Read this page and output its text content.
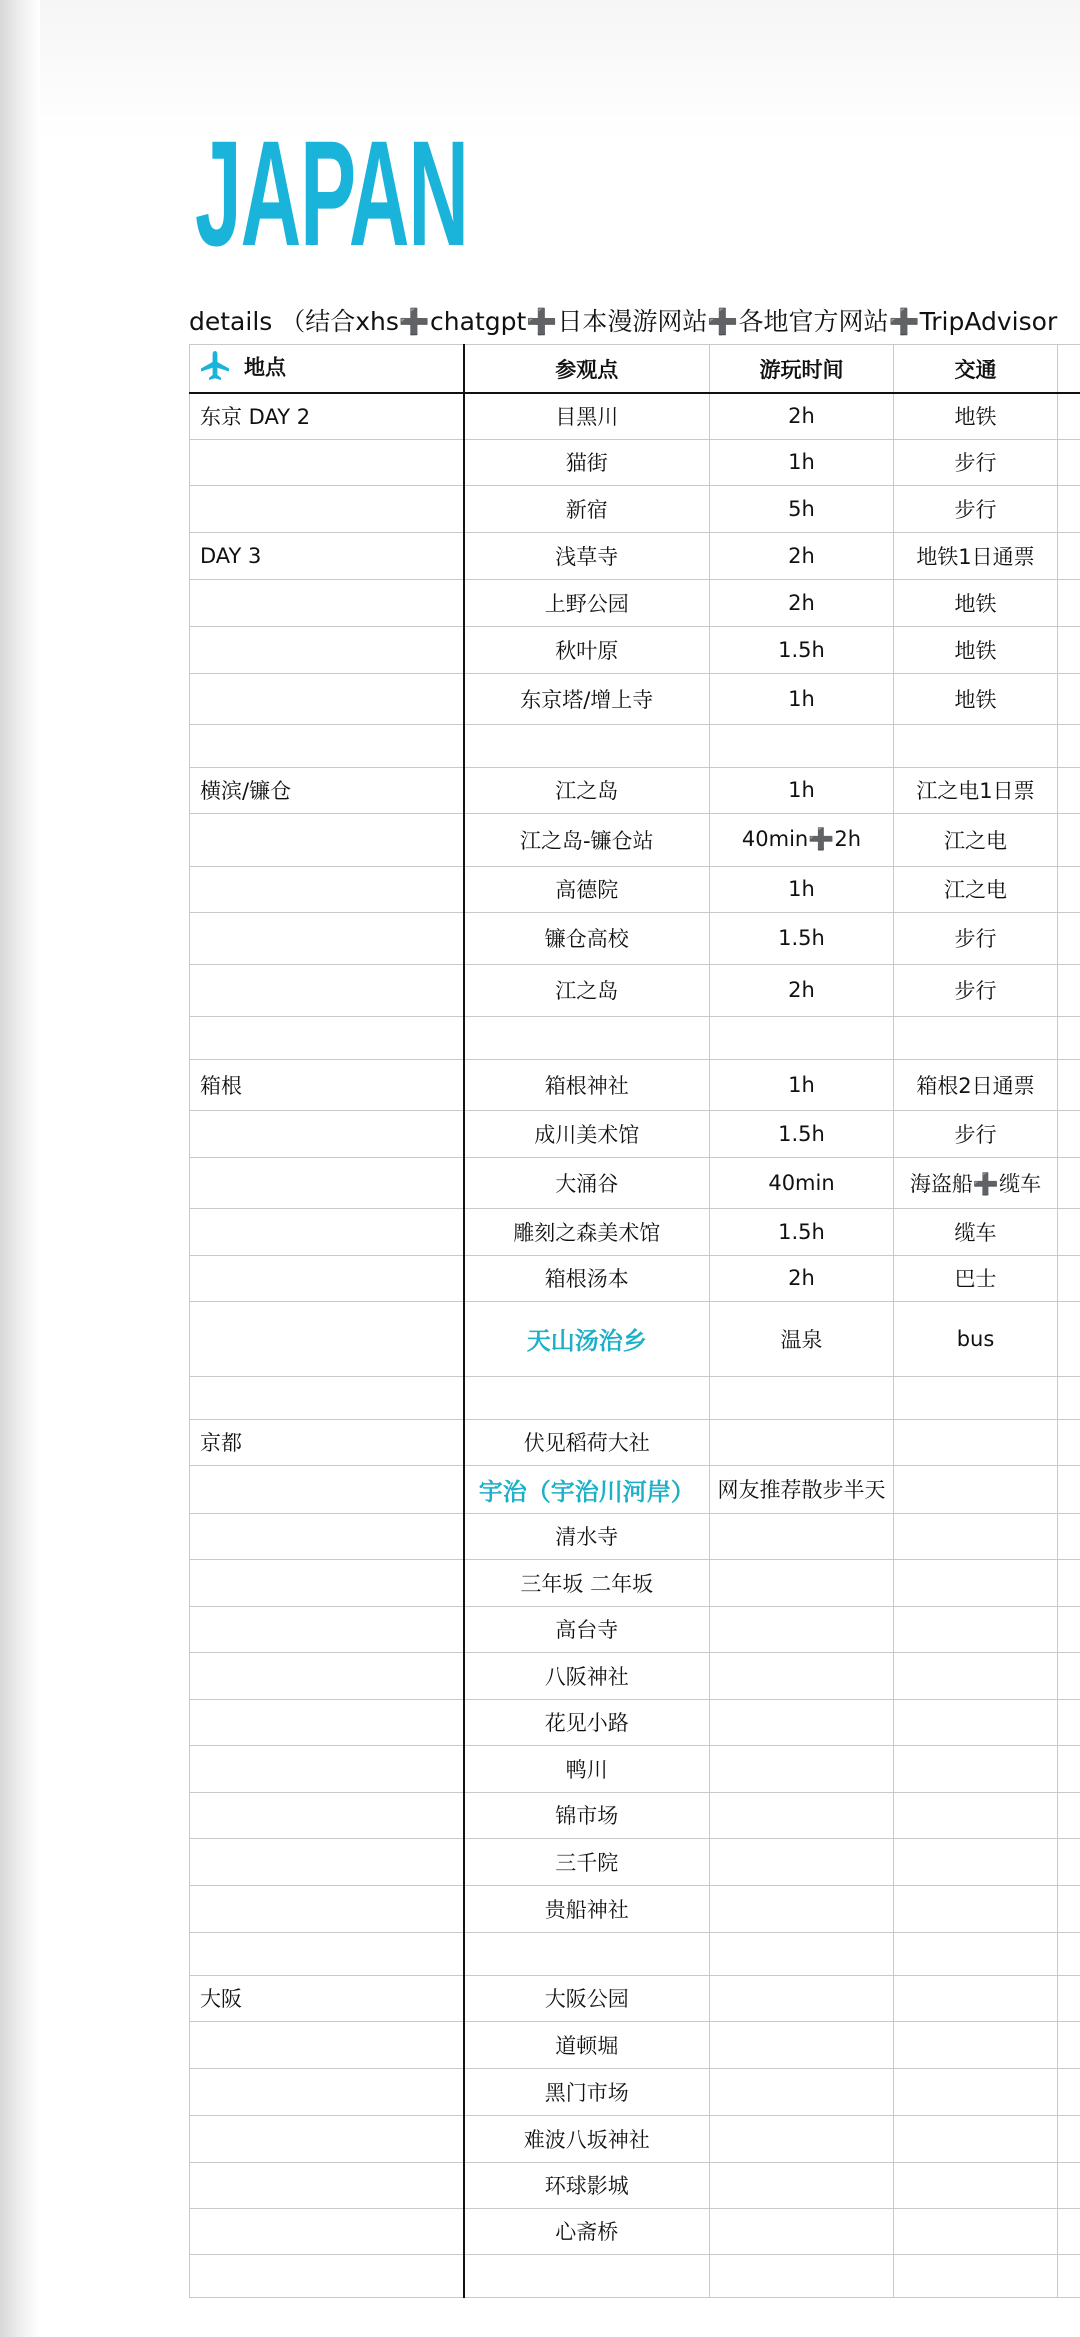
JAPAN
details （结合xhs➕chatgpt➕日本漫游网站➕各地官方网站➕TripAdvisor
地点	参观点	游玩时间	交通	
东京 DAY 2	目黑川	2h	地铁	
	猫街	1h	步行	
	新宿	5h	步行	
DAY 3	浅草寺	2h	地铁1日通票	
	上野公园	2h	地铁	
	秋叶原	1.5h	地铁	
	东京塔/增上寺	1h	地铁	

横滨/镰仓	江之岛	1h	江之电1日票	
	江之岛-镰仓站	40min➕2h	江之电	
	高德院	1h	江之电	
	镰仓高校	1.5h	步行	
	江之岛	2h	步行	

箱根	箱根神社	1h	箱根2日通票	
	成川美术馆	1.5h	步行	
	大涌谷	40min	海盗船➕缆车	
	雕刻之森美术馆	1.5h	缆车	
	箱根汤本	2h	巴士	
	天山汤治乡	温泉	bus	

京都	伏见稻荷大社			
	宇治（宇治川河岸）	网友推荐散步半天		
	清水寺			
	三年坂 二年坂			
	高台寺			
	八阪神社			
	花见小路			
	鸭川			
	锦市场			
	三千院			
	贵船神社			

大阪	大阪公园			
	道顿堀			
	黑门市场			
	难波八坂神社			
	环球影城			
	心斋桥			
